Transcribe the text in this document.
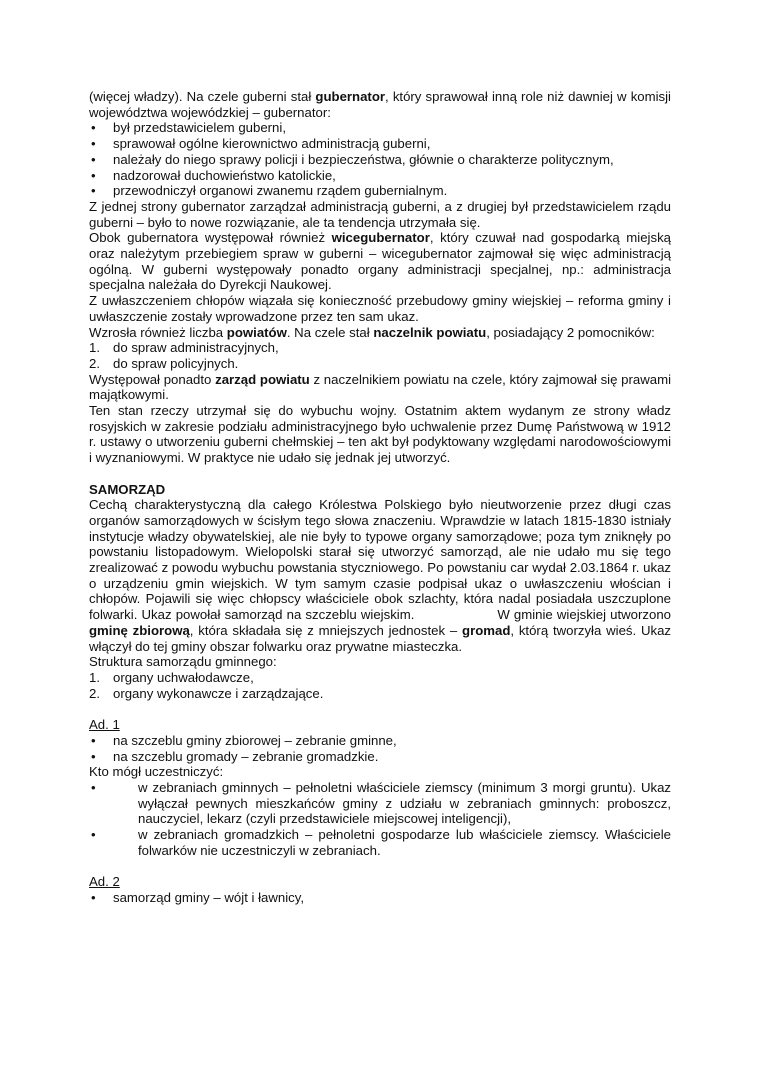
(więcej władzy). Na czele guberni stał gubernator, który sprawował inną role niż dawniej w komisji województwa wojewódzkiej – gubernator:

• był przedstawicielem guberni,
• sprawował ogólne kierownictwo administracją guberni,
• należały do niego sprawy policji i bezpieczeństwa, głównie o charakterze politycznym,
• nadzorował duchowieństwo katolickie,
• przewodniczył organowi zwanemu rządem gubernialnym.

Z jednej strony gubernator zarządzał administracją guberni, a z drugiej był przedstawicielem rządu guberni – było to nowe rozwiązanie, ale ta tendencja utrzymała się.

Obok gubernatora występował również wicegubernator, który czuwał nad gospodarką miejską oraz należytym przebiegiem spraw w guberni – wicegubernator zajmował się więc administracją ogólną. W guberni występowały ponadto organy administracji specjalnej, np.: administracja specjalna należała do Dyrekcji Naukowej.

Z uwłaszczeniem chłopów wiązała się konieczność przebudowy gminy wiejskiej – reforma gminy i uwłaszczenie zostały wprowadzone przez ten sam ukaz.

Wzrosła również liczba powiatów. Na czele stał naczelnik powiatu, posiadający 2 pomocników:

1. do spraw administracyjnych,
2. do spraw policyjnych.

Występował ponadto zarząd powiatu z naczelnikiem powiatu na czele, który zajmował się prawami majątkowymi.

Ten stan rzeczy utrzymał się do wybuchu wojny. Ostatnim aktem wydanym ze strony władz rosyjskich w zakresie podziału administracyjnego było uchwalenie przez Dumę Państwową w 1912 r. ustawy o utworzeniu guberni chełmskiej – ten akt był podyktowany względami narodowościowymi i wyznaniowymi. W praktyce nie udało się jednak jej utworzyć.

SAMORZĄD

Cechą charakterystyczną dla całego Królestwa Polskiego było nieutworzenie przez długi czas organów samorządowych w ścisłym tego słowa znaczeniu. Wprawdzie w latach 1815-1830 istniały instytucje władzy obywatelskiej, ale nie były to typowe organy samorządowe; poza tym zniknęły po powstaniu listopadowym. Wielopolski starał się utworzyć samorząd, ale nie udało mu się tego zrealizować z powodu wybuchu powstania styczniowego. Po powstaniu car wydał 2.03.1864 r. ukaz o urządzeniu gmin wiejskich. W tym samym czasie podpisał ukaz o uwłaszczeniu włościan i chłopów. Pojawili się więc chłopscy właściciele obok szlachty, która nadal posiadała uszczuplone folwarki. Ukaz powołał samorząd na szczeblu wiejskim.	W gminie wiejskiej utworzono gminę zbiorową, która składała się z mniejszych jednostek – gromad, którą tworzyła wieś. Ukaz włączył do tej gminy obszar folwarku oraz prywatne miasteczka.

Struktura samorządu gminnego:

1. organy uchwałodawcze,
2. organy wykonawcze i zarządzające.

Ad. 1

• na szczeblu gminy zbiorowej – zebranie gminne,
• na szczeblu gromady – zebranie gromadzkie.

Kto mógł uczestniczyć:

• w zebraniach gminnych – pełnoletni właściciele ziemscy (minimum 3 morgi gruntu). Ukaz wyłączał pewnych mieszkańców gminy z udziału w zebraniach gminnych: proboszcz, nauczyciel, lekarz (czyli przedstawiciele miejscowej inteligencji),
• w zebraniach gromadzkich – pełnoletni gospodarze lub właściciele ziemscy. Właściciele folwarków nie uczestniczyli w zebraniach.

Ad. 2

• samorząd gminy – wójt i ławnicy,
